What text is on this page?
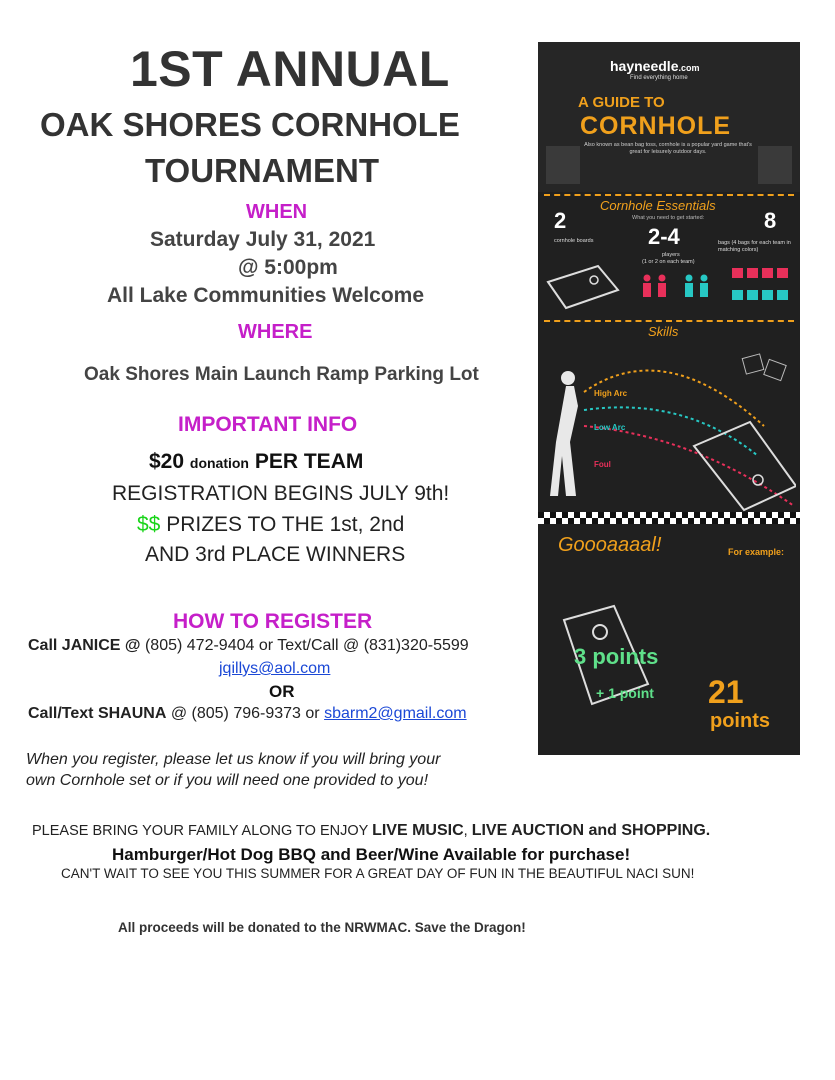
1ST ANNUAL
OAK SHORES CORNHOLE
TOURNAMENT
WHEN
Saturday July 31, 2021
@ 5:00pm
All Lake Communities Welcome
WHERE
Oak Shores Main Launch Ramp Parking Lot
IMPORTANT INFO
$20 donation PER TEAM
REGISTRATION BEGINS JULY 9th!
$$ PRIZES TO THE 1st, 2nd
AND 3rd PLACE WINNERS
HOW TO REGISTER
Call JANICE @ (805) 472-9404 or Text/Call @ (831)320-5599
jqillys@aol.com
OR
Call/Text SHAUNA @ (805) 796-9373 or sbarm2@gmail.com
When you register, please let us know if you will bring your
own Cornhole set or if you will need one provided to you!
PLEASE BRING YOUR FAMILY ALONG TO ENJOY LIVE MUSIC, LIVE AUCTION and SHOPPING.
Hamburger/Hot Dog BBQ and Beer/Wine Available for purchase!
CAN'T WAIT TO SEE YOU THIS SUMMER FOR A GREAT DAY OF FUN IN THE BEAUTIFUL NACI SUN!
All proceeds will be donated to the NRWMAC. Save the Dragon!
hayneedle.com
Find everything home
A GUIDE TO
CORNHOLE
Also known as bean bag toss, cornhole is a popular yard game that's great for leisurely outdoor days.
Cornhole Essentials
What you need to get started:
2
cornhole boards 2-4
players
(1 or 2 on each team)
8
bags (4 bags for each team in matching colors)
Skills
High Arc
Low Arc
Foul
Goooaaaal!	For example:
3 points
+ 1 point 21
points
